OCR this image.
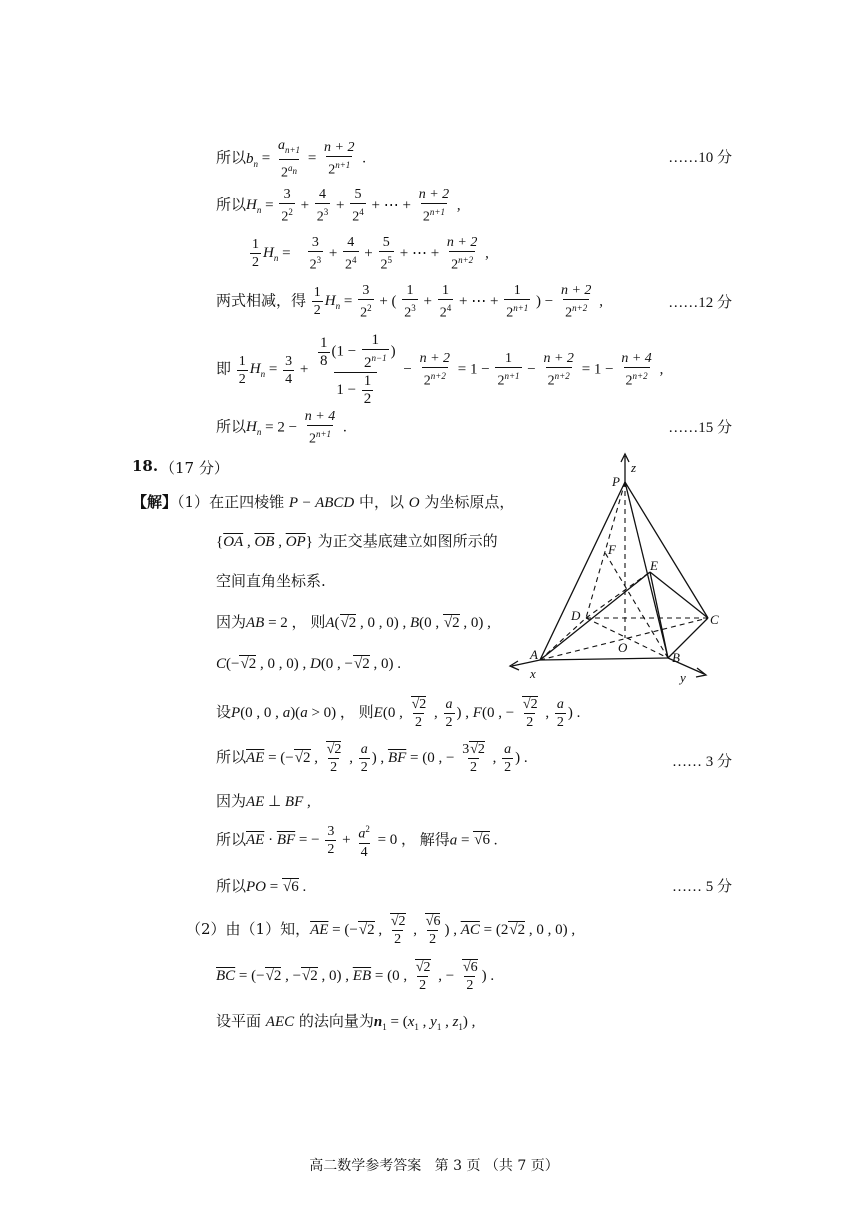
所以$b_n = \frac{a_{n+1}}{2^{a_n}} = \frac{n + 2}{2^{n+1}}$ .	……10 分
所以$H_n = \frac{3}{2^2} + \frac{4}{2^3} + \frac{5}{2^4}$ + ⋯ + $\frac{n + 2}{2^{n+1}}$ ,
$\frac{1}{2} H_n = \frac{3}{2^3} + \frac{4}{2^4} + \frac{5}{2^5}$ + ⋯ + $\frac{n + 2}{2^{n+2}}$ ,
两式相减，得 $\frac{1}{2} H_n = \frac{3}{2^2}$ + ( $\frac{1}{2^3} + \frac{1}{2^4}$ + ⋯ + $\frac{1}{2^{n+1}}$ ) − $\frac{n + 2}{2^{n+2}}$ ,	……12 分
即 $\frac{1}{2} H_n = \frac{3}{4} + \frac{\frac{1}{8} (1 - \frac{1}{2^{n-1}} )}{1 - \frac{1}{2}} - \frac{n + 2}{2^{n+2}} = 1 - \frac{1}{2^{n+1}} - \frac{n + 2}{2^{n+2}} = 1 - \frac{n + 4}{2^{n+2}}$ ,
所以$H_n = 2 - \frac{n + 4}{2^{n+1}}$ .	……15 分
18. （17 分）
【解】（1）在正四棱锥 P − ABCD 中，以 O 为坐标原点，
{$\overline{OA}$ , $\overline{OB}$ , $\overline{OP}$} 为正交基底建立如图所示的
空间直角坐标系.
因为AB = 2 ， 则A(√2 , 0 , 0) , B(0 , √2 , 0) ,
C(−√2 , 0 , 0) , D(0 , −√2 , 0) .
设P(0 , 0 , a)(a > 0) ， 则E(0 , $\frac{√2}{2}$ , $\frac{a}{2}$ ) , F(0 , − $\frac{√2}{2}$ , $\frac{a}{2}$ ) .
所以$\overline{AE} = (-√2$ , $\frac{√2}{2}$ , $\frac{a}{2}$ ) , $\overline{BF} = (0$ , − $\frac{3√2}{2}$ , $\frac{a}{2}$ ) .	…… 3 分
因为AE ⊥ BF ,
所以$\overline{AE} \cdot \overline{BF}$ = − $\frac{3}{2} + \frac{a^2}{4} = 0$ ， 解得a = √6 .
所以PO = √6 .	…… 5 分
（2）由（1）知，$\overline{AE} = (-√2$ , $\frac{√2}{2}$ , $\frac{√6}{2}$ ) , $\overline{AC} = (2√2$ , 0 , 0) ,
$\overline{BC} = (-√2$ , −√2 , 0) , $\overline{EB} = (0$ , $\frac{√2}{2}$ , − $\frac{√6}{2}$ ) .
设平面 AEC 的法向量为$n_1 = (x_1$ , $y_1$ , $z_1$) ,
z
P
F
E
D	C
O
A	B
x	y
高二数学参考答案 第 3 页 （共 7 页）
